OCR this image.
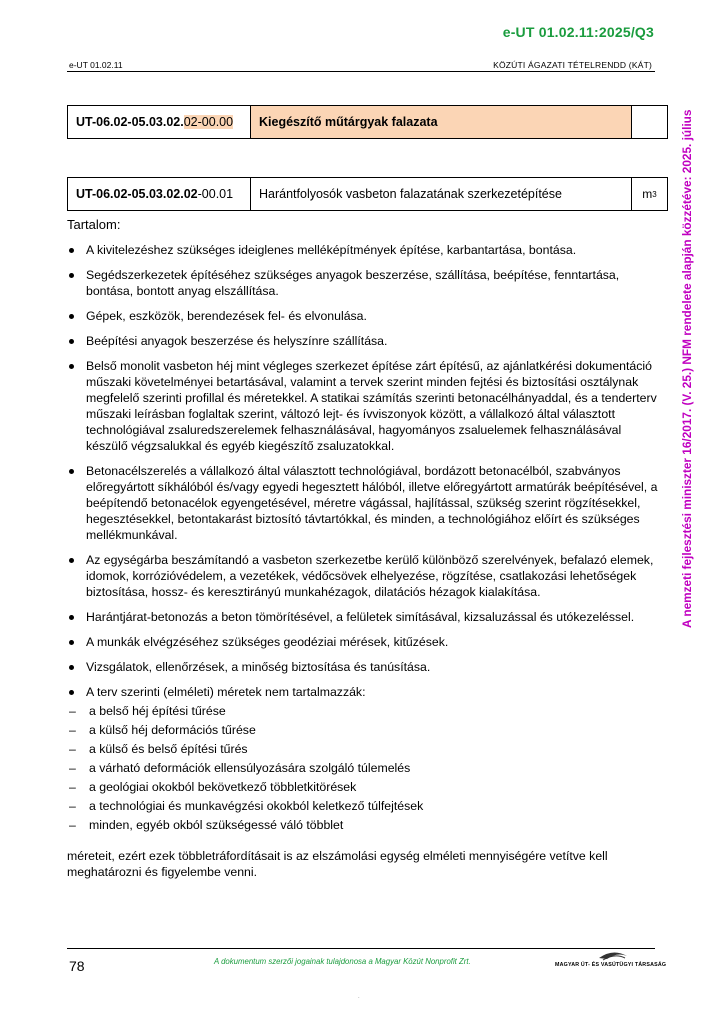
e-UT 01.02.11:2025/Q3
e-UT 01.02.11	KÖZÚTI ÁGAZATI TÉTELRENDD (KÁT)
UT-06.02-05.03.02. 02-00.00	Kiegészítő műtárgyak falazata
UT-06.02-05.03.02.02 -00.01	Harántfolyosók vasbeton falazatának szerkezetépítése	m 3
Tartalom:
A kivitelezéshez szükséges ideiglenes melléképítmények építése, karbantartása, bontása.
Segédszerkezetek építéséhez szükséges anyagok beszerzése, szállítása, beépítése, fenntartása, bontása, bontott anyag elszállítása.
Gépek, eszközök, berendezések fel- és elvonulása.
Beépítési anyagok beszerzése és helyszínre szállítása.
Belső monolit vasbeton héj mint végleges szerkezet építése zárt építésű, az ajánlatkérési dokumentáció műszaki követelményei betartásával, valamint a tervek szerint minden fejtési és biztosítási osztálynak megfelelő szerinti profillal és méretekkel. A statikai számítás szerinti betonacélhányaddal, és a tenderterv műszaki leírásban foglaltak szerint, változó lejt- és ívviszonyok között, a vállalkozó által választott technológiával zsaluredszerelemek felhasználásával, hagyományos zsaluelemek felhasználásával készülő végzsalukkal és egyéb kiegészítő zsaluzatokkal.
Betonacélszerelés a vállalkozó által választott technológiával, bordázott betonacélból, szabványos előregyártott síkhálóból és/vagy egyedi hegesztett hálóból, illetve előregyártott armatúrák beépítésével, a beépítendő betonacélok egyengetésével, méretre vágással, hajlítással, szükség szerint rögzítésekkel, hegesztésekkel, betontakarást biztosító távtartókkal, és minden, a technológiához előírt és szükséges mellékmunkával.
Az egységárba beszámítandó a vasbeton szerkezetbe kerülő különböző szerelvények, befalazó elemek, idomok, korrózióvédelem, a vezetékek, védőcsövek elhelyezése, rögzítése, csatlakozási lehetőségek biztosítása, hossz- és keresztirányú munkahézagok, dilatációs hézagok kialakítása.
Harántjárat-betonozás a beton tömörítésével, a felületek simításával, kizsaluzással és utókezeléssel.
A munkák elvégzéséhez szükséges geodéziai mérések, kitűzések.
Vizsgálatok, ellenőrzések, a minőség biztosítása és tanúsítása.
A terv szerinti (elméleti) méretek nem tartalmazzák:
– a belső héj építési tűrése
– a külső héj deformációs tűrése
– a külső és belső építési tűrés
– a várható deformációk ellensúlyozására szolgáló túlemelés
– a geológiai okokból bekövetkező többletkitörések
– a technológiai és munkavégzési okokból keletkező túlfejtések
– minden, egyéb okból szükségessé váló többlet
méreteit, ezért ezek többletráfordításait is az elszámolási egység elméleti mennyiségére vetítve kell meghatározni és figyelembe venni.
78	A dokumentum szerzői jogainak tulajdonosa a Magyar Közút Nonprofit Zrt.	MAGYAR ÚT- ÉS VASÚTÜGYI TÁRSASÁG
A nemzeti fejlesztési miniszter 16/2017. (V. 25.) NFM rendelete alapján közzétéve: 2025. július
.
